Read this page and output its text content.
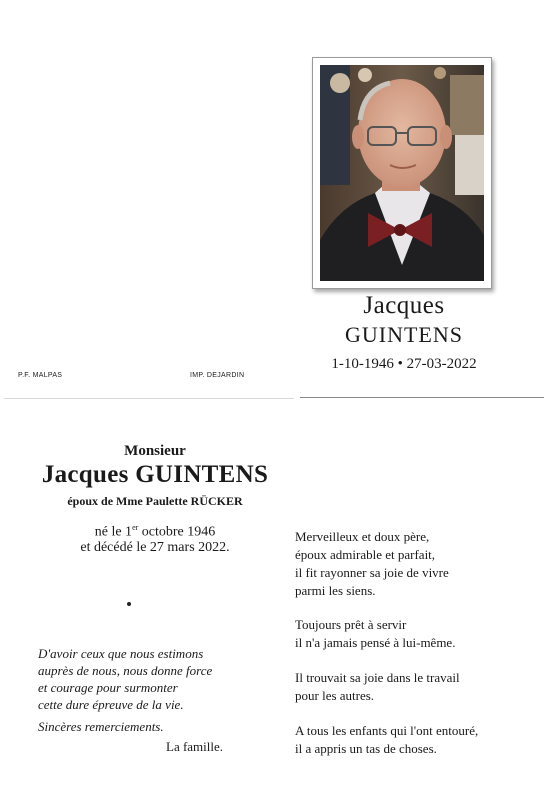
Jacques
GUINTENS
1-10-1946 • 27-03-2022
P.F. MALPAS	IMP. DEJARDIN
Monsieur
Jacques GUINTENS
époux de Mme Paulette RÜCKER
né le 1er octobre 1946
et décédé le 27 mars 2022.
D'avoir ceux que nous estimons
auprès de nous, nous donne force
et courage pour surmonter
cette dure épreuve de la vie.
Sincères remerciements.
La famille.
Merveilleux et doux père,
époux admirable et parfait,
il fit rayonner sa joie de vivre
parmi les siens.
Toujours prêt à servir
il n'a jamais pensé à lui-même.
Il trouvait sa joie dans le travail
pour les autres.
A tous les enfants qui l'ont entouré,
il a appris un tas de choses.
